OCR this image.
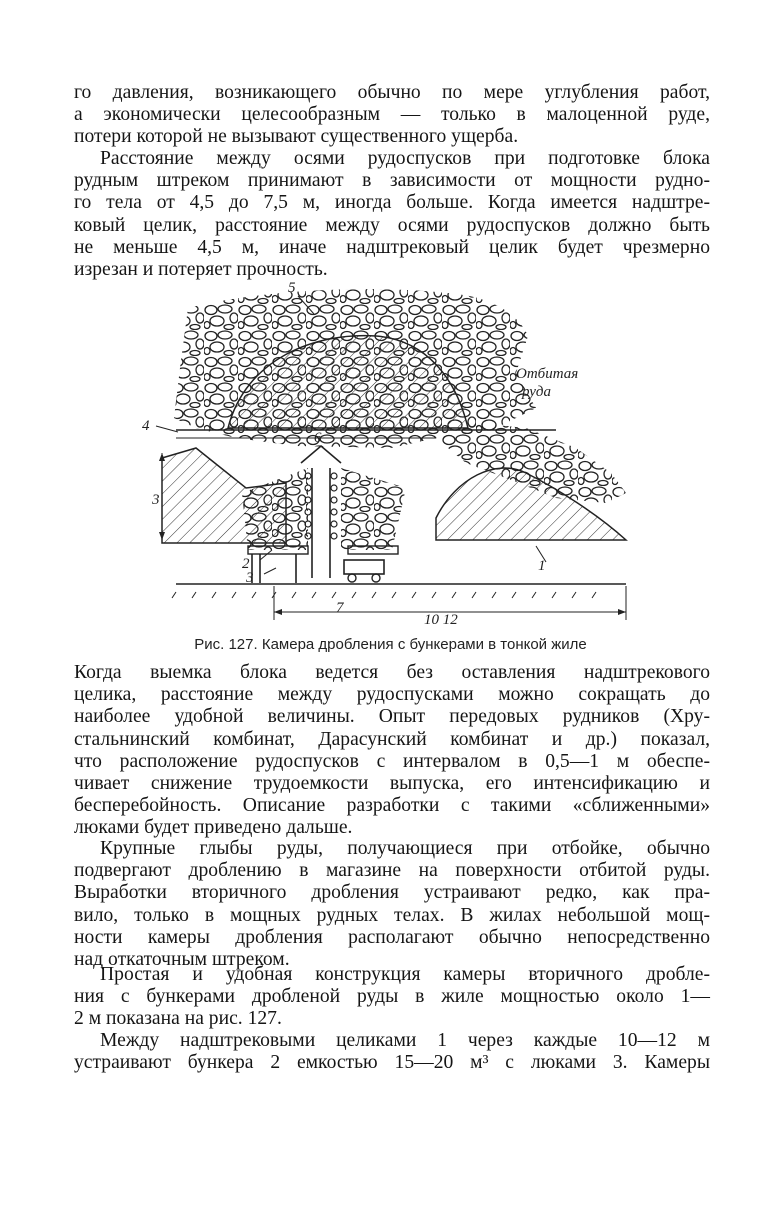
го давления, возникающего обычно по мере углубления работ,
а экономически целесообразным — только в малоценной руде,
потери которой не вызывают существенного ущерба.

Расстояние между осями рудоспусков при подготовке блока
рудным штреком принимают в зависимости от мощности рудно-
го тела от 4,5 до 7,5 м, иногда больше. Когда имеется надштре-
ковый целик, расстояние между осями рудоспусков должно быть
не меньше 4,5 м, иначе надштрековый целик будет чрезмерно
изрезан и потеряет прочность.

5
4
6
2
3
1
7
3
10 12
Отбитая
руда
Рис. 127. Камера дробления с бункерами в тонкой жиле

Когда выемка блока ведется без оставления надштрекового
целика, расстояние между рудоспусками можно сокращать до
наиболее удобной величины. Опыт передовых рудников (Хру-
стальнинский комбинат, Дарасунский комбинат и др.) показал,
что расположение рудоспусков с интервалом в 0,5—1 м обеспе-
чивает снижение трудоемкости выпуска, его интенсификацию и
бесперебойность. Описание разработки с такими «сближенными»
люками будет приведено дальше.

Крупные глыбы руды, получающиеся при отбойке, обычно
подвергают дроблению в магазине на поверхности отбитой руды.
Выработки вторичного дробления устраивают редко, как пра-
вило, только в мощных рудных телах. В жилах небольшой мощ-
ности камеры дробления располагают обычно непосредственно
над откаточным штреком.

Простая и удобная конструкция камеры вторичного дробле-
ния с бункерами дробленой руды в жиле мощностью около 1—
2 м показана на рис. 127.

Между надштрековыми целиками 1 через каждые 10—12 м
устраивают бункера 2 емкостью 15—20 м³ с люками 3. Камеры
